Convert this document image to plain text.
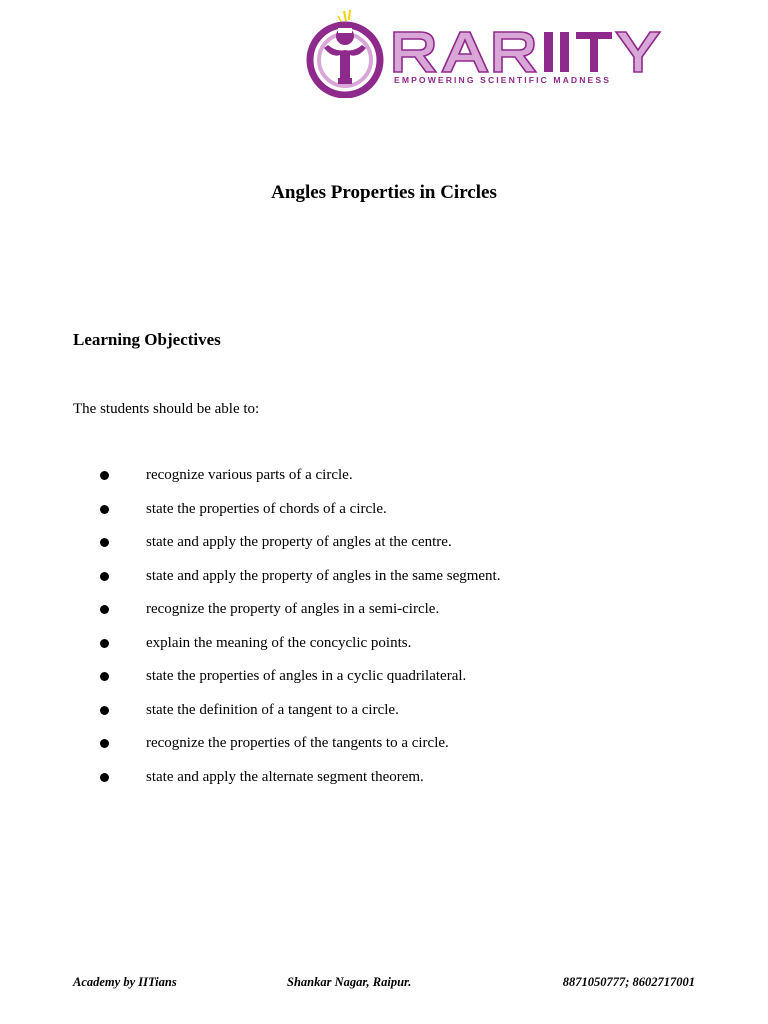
EMPOWERING SCIENTIFIC MADNESS
Angles Properties in Circles
Learning Objectives

The students should be able to:

recognize various parts of a circle.
state the properties of chords of a circle.
state and apply the property of angles at the centre.
state and apply the property of angles in the same segment.
recognize the property of angles in a semi-circle.
explain the meaning of the concyclic points.
state the properties of angles in a cyclic quadrilateral.
state the definition of a tangent to a circle.
recognize the properties of the tangents to a circle.
state and apply the alternate segment theorem.
Academy by IITians	Shankar Nagar, Raipur.	8871050777; 8602717001
